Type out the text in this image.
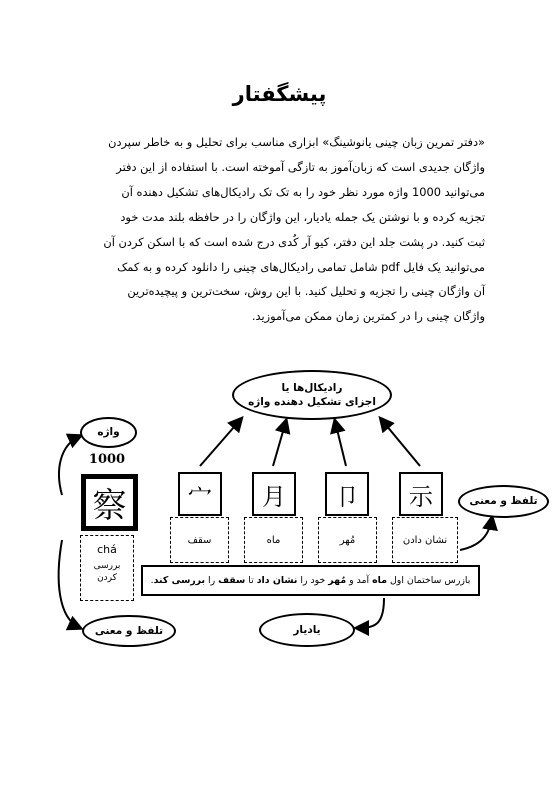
پیشگفتار
«دفتر تمرین زبان چینی یانوشینگ» ابزاری مناسب برای تحلیل و به خاطر سپردن
واژگان جدیدی است که زبان‌آموز به تازگی آموخته است. با استفاده از این دفتر
می‌توانید 1000 واژه مورد نظر خود را به تک تک رادیکال‌های تشکیل دهنده آن
تجزیه کرده و با نوشتن یک جمله یادیار، این واژگان را در حافظه بلند مدت خود
ثبت کنید. در پشت جلد این دفتر، کیو آر کُدی درج شده است که با اسکن کردن آن
می‌توانید یک فایل pdf شامل تمامی رادیکال‌های چینی را دانلود کرده و به کمک
آن واژگان چینی را تجزیه و تحلیل کنید. با این روش، سخت‌ترین و پیچیده‌ترین
واژگان چینی را در کمترین زمان ممکن می‌آموزید.
رادیکال‌ها یا
اجزای تشکیل دهنده واژه
واژه
1000
察	宀 月 卩 示
سقف	ماه	مُهر	نشان دادن
chá
بررسی کردن	بازرس ساختمان اول ماه آمد و مُهر خود را نشان داد تا سقف را بررسی کند.
تلفظ و معنی
تلفظ و معنی	یادیار
